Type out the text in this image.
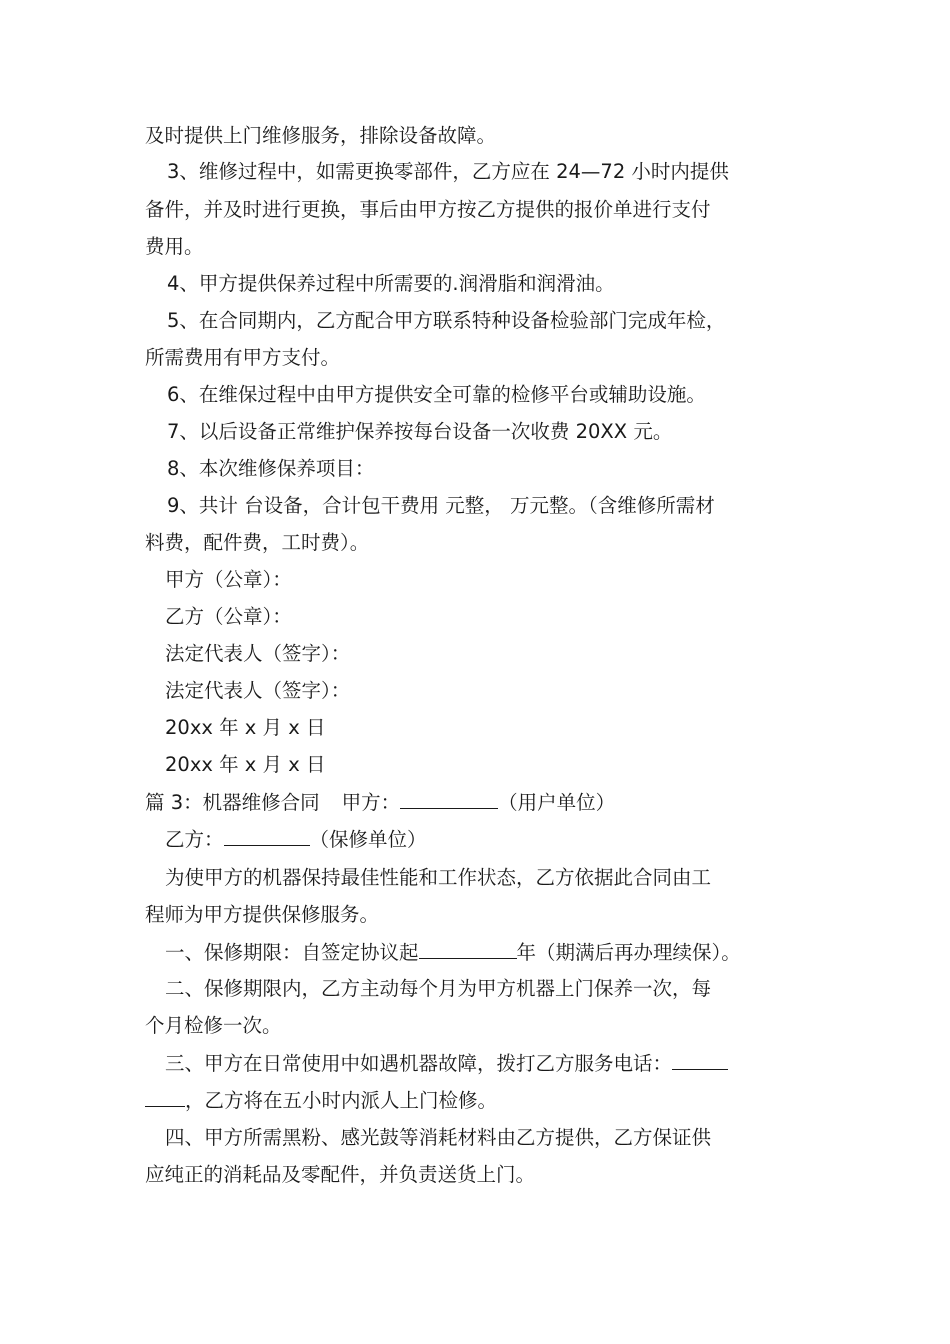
及时提供上门维修服务，排除设备故障。
3、维修过程中，如需更换零部件，乙方应在 24—72 小时内提供
备件，并及时进行更换，事后由甲方按乙方提供的报价单进行支付
费用。
4、甲方提供保养过程中所需要的.润滑脂和润滑油。
5、在合同期内，乙方配合甲方联系特种设备检验部门完成年检，
所需费用有甲方支付。
6、在维保过程中由甲方提供安全可靠的检修平台或辅助设施。
7、以后设备正常维护保养按每台设备一次收费 20XX 元。
8、本次维修保养项目：
9、共计 台设备，合计包干费用 元整， 万元整。（含维修所需材
料费，配件费，工时费）。
甲方（公章）：
乙方（公章）：
法定代表人（签字）：
法定代表人（签字）：
20xx 年 x 月 x 日
20xx 年 x 月 x 日
篇 3：机器维修合同 甲方：	（用户单位）
乙方：	（保修单位）
为使甲方的机器保持最佳性能和工作状态，乙方依据此合同由工
程师为甲方提供保修服务。
一、保修期限：自签定协议起	年（期满后再办理续保）。
二、保修期限内，乙方主动每个月为甲方机器上门保养一次，每
个月检修一次。
三、甲方在日常使用中如遇机器故障，拨打乙方服务电话：
，乙方将在五小时内派人上门检修。
四、甲方所需黑粉、感光鼓等消耗材料由乙方提供，乙方保证供
应纯正的消耗品及零配件，并负责送货上门。
